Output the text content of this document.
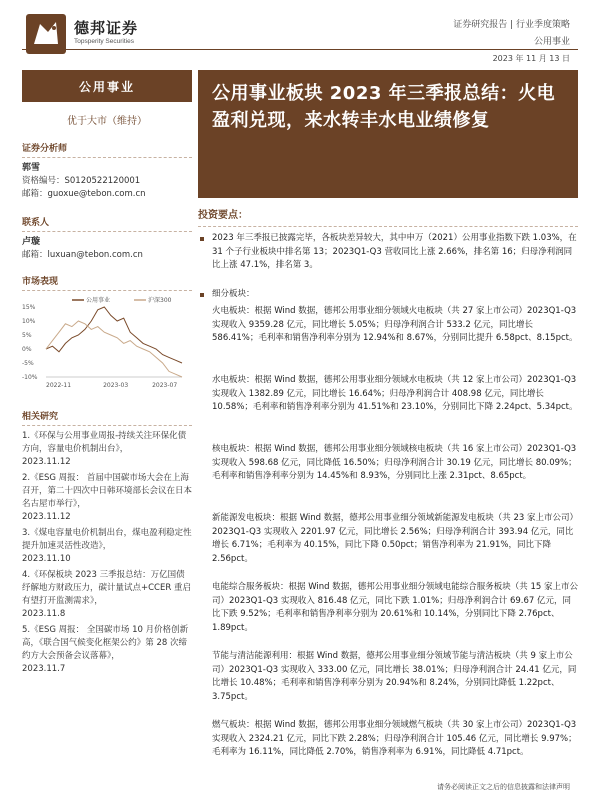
德邦证券
Topsperity Securities
证券研究报告 | 行业季度策略
公用事业
2023 年 11 月 13 日
公用事业
优于大市（维持）
证券分析师
郭雪
资格编号：S0120522120001
邮箱：guoxue@tebon.com.cn
联系人
卢璇
邮箱：luxuan@tebon.com.cn
市场表现
公用事业	沪深300
15%
10%
5%
0%
-5%
-10%
2022-11	2023-03	2023-07
相关研究
1.《环保与公用事业周报-持续关注环保化债方向，容量电价机制出台》，
2023.11.12
2.《ESG 周报： 首届中国碳市场大会在上海召开，第二十四次中日韩环境部长会议在日本名古屋市举行》，
2023.11.12
3.《煤电容量电价机制出台，煤电盈利稳定性提升加速灵活性改造》，
2023.11.10
4.《环保板块 2023 三季报总结：万亿国债纾解地方财政压力，碳计量试点+CCER 重启有望打开监测需求》，
2023.11.8
5.《ESG 周报： 全国碳市场 10 月价格创新高，《联合国气候变化框架公约》第 28 次缔约方大会预备会议落幕》，
2023.11.7
公用事业板块 2023 年三季报总结：火电盈利兑现，来水转丰水电业绩修复
投资要点：
2023 年三季报已披露完毕，各板块差异较大，其中申万（2021）公用事业指数下跌 1.03%，在 31 个子行业板块中排名第 13；2023Q1-Q3 营收同比上涨 2.66%，排名第 16；归母净利润同比上涨 47.1%，排名第 3。
细分板块：
火电板块：根据 Wind 数据，德邦公用事业细分领域火电板块（共 27 家上市公司）2023Q1-Q3 实现收入 9359.28 亿元，同比增长 5.05%；归母净利润合计 533.2 亿元，同比增长 586.41%；毛利率和销售净利率分别为 12.94%和 8.67%，分别同比提升 6.58pct、8.15pct。
水电板块：根据 Wind 数据，德邦公用事业细分领域水电板块（共 12 家上市公司）2023Q1-Q3 实现收入 1382.89 亿元，同比增长 16.64%；归母净利润合计 408.98 亿元，同比增长 10.58%；毛利率和销售净利率分别为 41.51%和 23.10%，分别同比下降 2.24pct、5.34pct。
核电板块：根据 Wind 数据，德邦公用事业细分领域核电板块（共 16 家上市公司）2023Q1-Q3 实现收入 598.68 亿元，同比降低 16.50%；归母净利润合计 30.19 亿元，同比增长 80.09%；毛利率和销售净利率分别为 14.45%和 8.93%，分别同比上涨 2.31pct、8.65pct。
新能源发电板块：根据 Wind 数据，德邦公用事业细分领域新能源发电板块（共 23 家上市公司）2023Q1-Q3 实现收入 2201.97 亿元，同比增长 2.56%；归母净利润合计 393.94 亿元，同比增长 6.71%；毛利率为 40.15%，同比下降 0.50pct；销售净利率为 21.91%，同比下降 2.56pct。
电能综合服务板块：根据 Wind 数据，德邦公用事业细分领域电能综合服务板块（共 15 家上市公司）2023Q1-Q3 实现收入 816.48 亿元，同比下跌 1.01%；归母净利润合计 69.67 亿元，同比下跌 9.52%；毛利率和销售净利率分别为 20.61%和 10.14%，分别同比下降 2.76pct、1.89pct。
节能与清洁能源利用：根据 Wind 数据，德邦公用事业细分领域节能与清洁板块（共 9 家上市公司）2023Q1-Q3 实现收入 333.00 亿元，同比增长 38.01%；归母净利润合计 24.41 亿元，同比增长 10.48%；毛利率和销售净利率分别为 20.94%和 8.24%，分别同比降低 1.22pct、3.75pct。
燃气板块：根据 Wind 数据，德邦公用事业细分领域燃气板块（共 30 家上市公司）2023Q1-Q3 实现收入 2324.21 亿元，同比下跌 2.28%；归母净利润合计 105.46 亿元，同比增长 9.97%；毛利率为 16.11%，同比降低 2.70%，销售净利率为 6.91%，同比降低 4.71pct。
请务必阅读正文之后的信息披露和法律声明
